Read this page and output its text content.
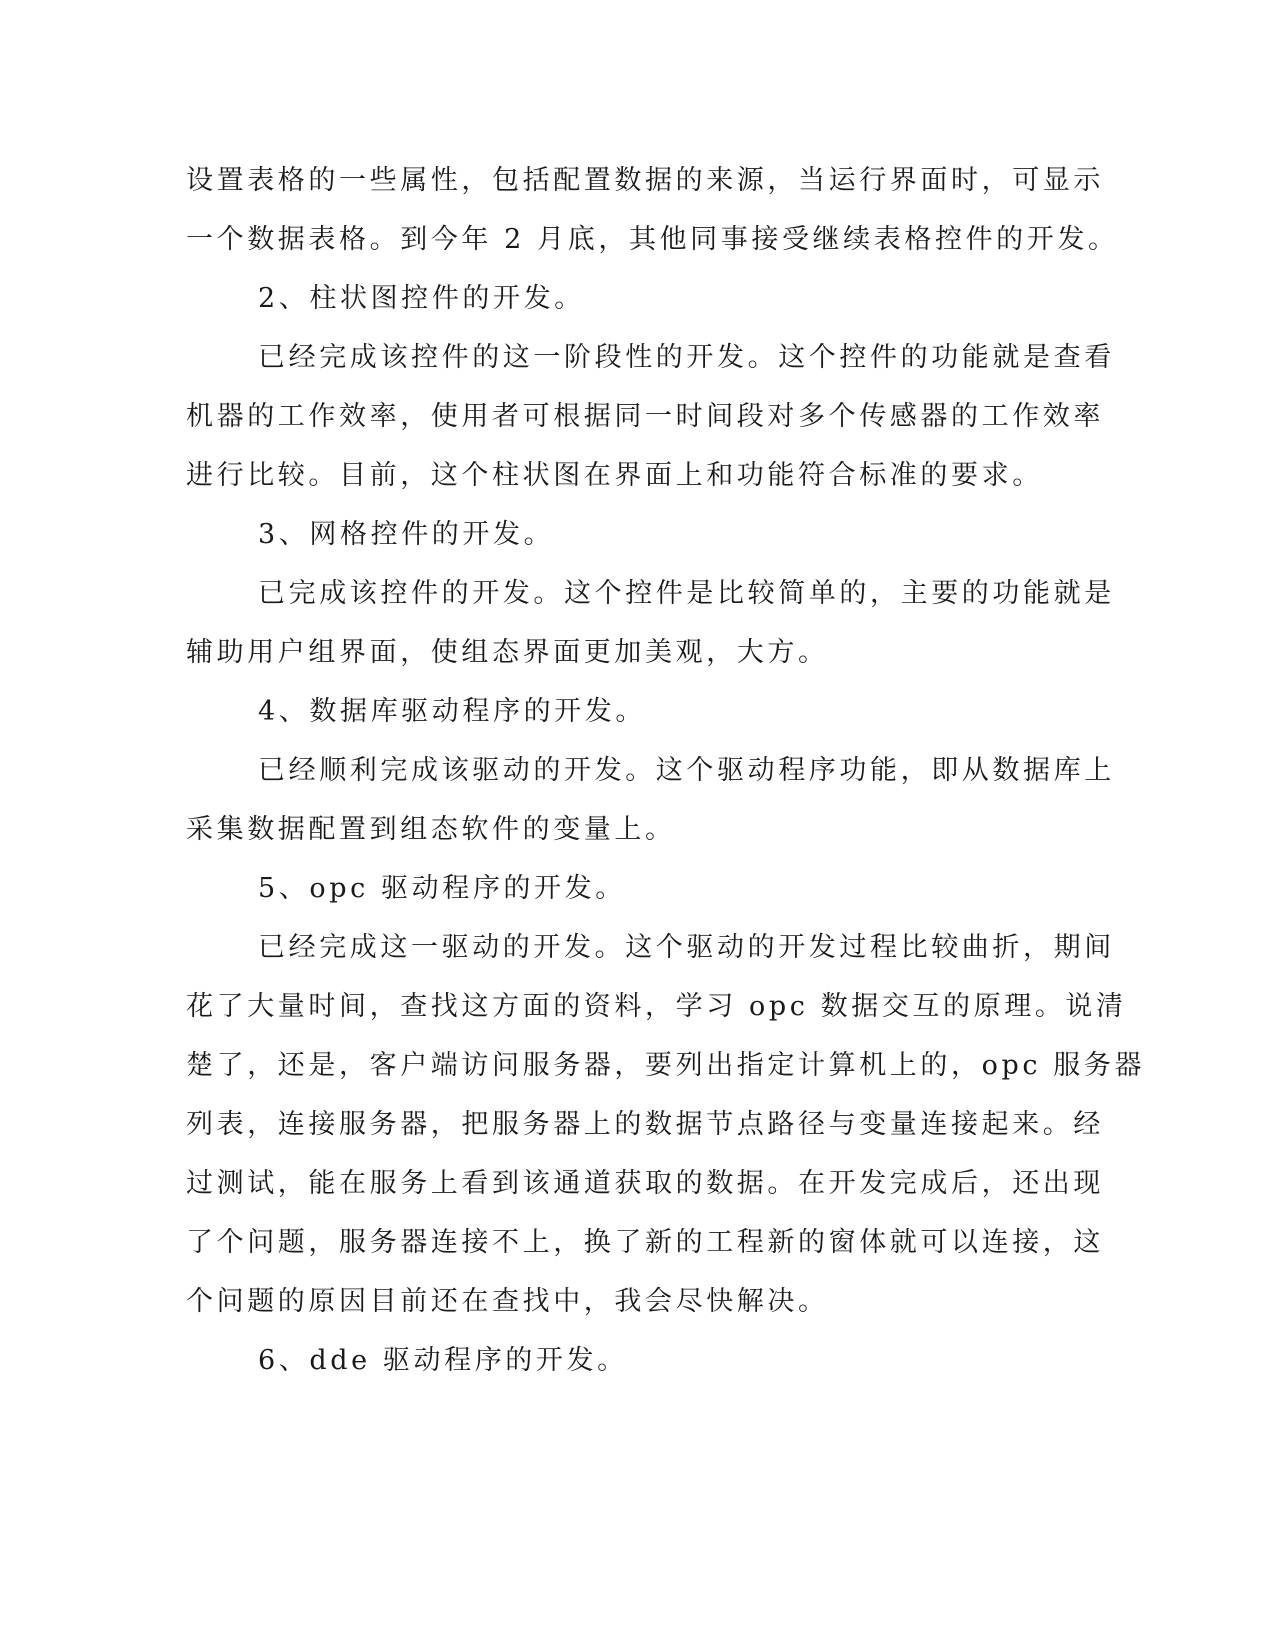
设置表格的一些属性，包括配置数据的来源，当运行界面时，可显示

一个数据表格。到今年 2 月底，其他同事接受继续表格控件的开发。

2、柱状图控件的开发。

已经完成该控件的这一阶段性的开发。这个控件的功能就是查看

机器的工作效率，使用者可根据同一时间段对多个传感器的工作效率

进行比较。目前，这个柱状图在界面上和功能符合标准的要求。

3、网格控件的开发。

已完成该控件的开发。这个控件是比较简单的，主要的功能就是

辅助用户组界面，使组态界面更加美观，大方。

4、数据库驱动程序的开发。

已经顺利完成该驱动的开发。这个驱动程序功能，即从数据库上

采集数据配置到组态软件的变量上。

5、opc 驱动程序的开发。

已经完成这一驱动的开发。这个驱动的开发过程比较曲折，期间

花了大量时间，查找这方面的资料，学习 opc 数据交互的原理。说清

楚了，还是，客户端访问服务器，要列出指定计算机上的，opc 服务器

列表，连接服务器，把服务器上的数据节点路径与变量连接起来。经

过测试，能在服务上看到该通道获取的数据。在开发完成后，还出现

了个问题，服务器连接不上，换了新的工程新的窗体就可以连接，这

个问题的原因目前还在查找中，我会尽快解决。

6、dde 驱动程序的开发。
